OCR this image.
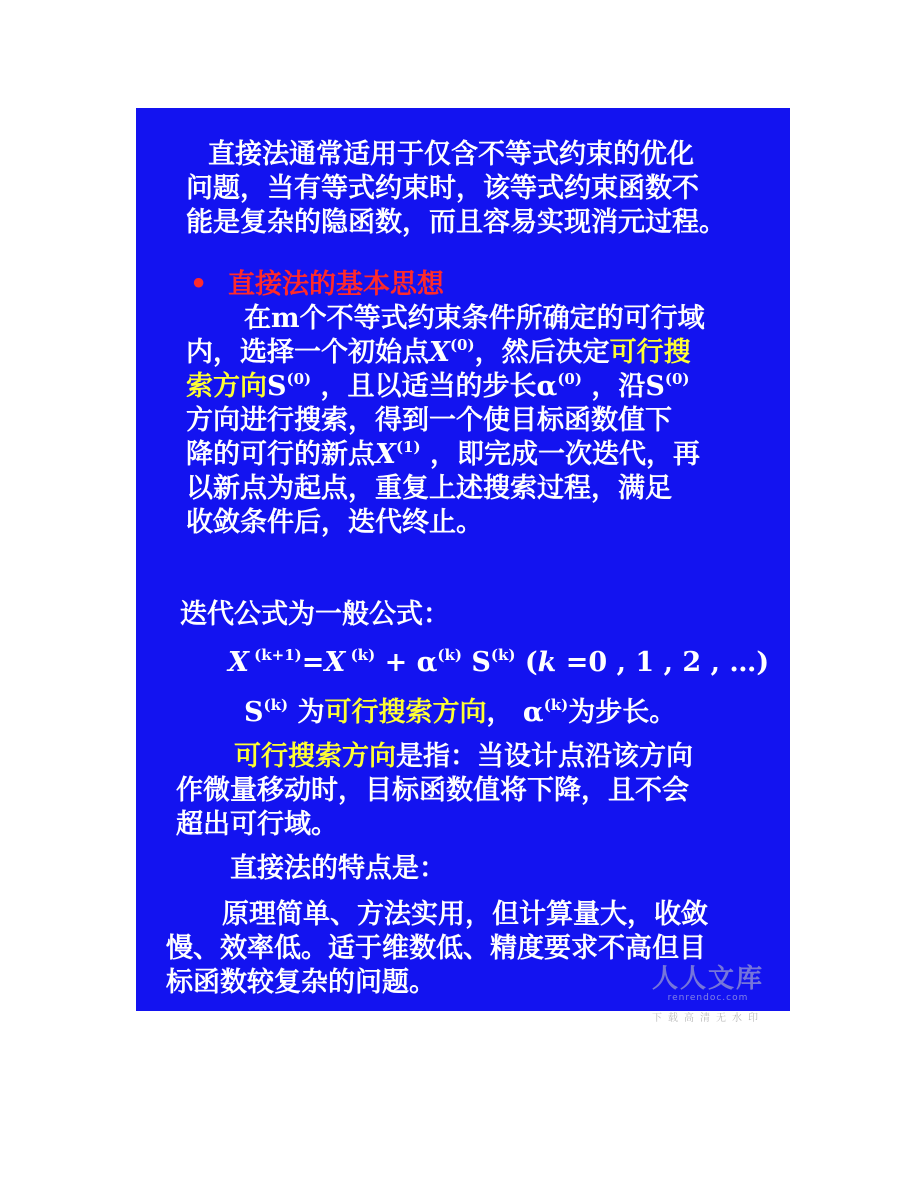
直接法通常适用于仅含不等式约束的优化
问题，当有等式约束时，该等式约束函数不
能是复杂的隐函数，而且容易实现消元过程。
• 直接法的基本思想
在m个不等式约束条件所确定的可行域
内，选择一个初始点$X^{(0)}$，然后决定可行搜
索方向$S^{(0)}$ ，且以适当的步长$\alpha^{(0)}$ ，沿$S^{(0)}$
方向进行搜索，得到一个使目标函数值下
降的可行的新点$X^{(1)}$ ，即完成一次迭代，再
以新点为起点，重复上述搜索过程，满足
收敛条件后，迭代终止。
迭代公式为一般公式：
X $^{(k+1)}$=X $^{(k)} + \alpha^{(k)}$ $S^{(k)}$ (k =0 , 1 , 2 , …)
$S^{(k)}$ 为可行搜索方向， $\alpha^{(k)}$为步长。
可行搜索方向是指：当设计点沿该方向
作微量移动时，目标函数值将下降，且不会
超出可行域。
直接法的特点是：
原理简单、方法实用，但计算量大，收敛
慢、效率低。适于维数低、精度要求不高但目
标函数较复杂的问题。	人人文库
renrendoc.com
下载高清无水印
